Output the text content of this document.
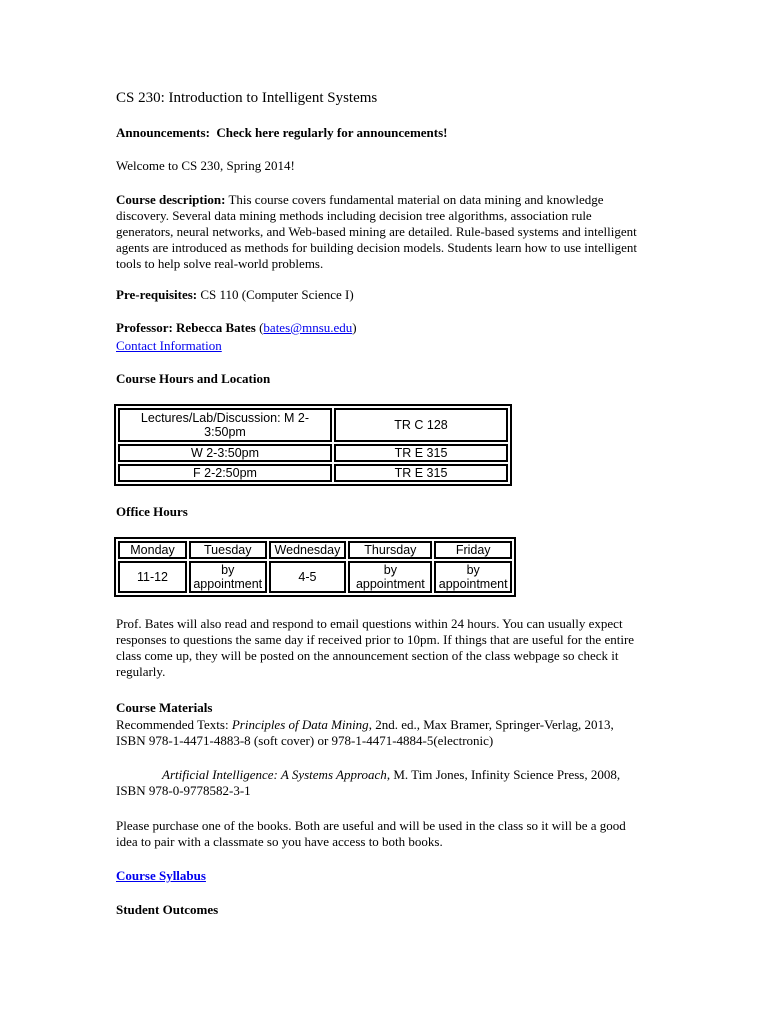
CS 230: Introduction to Intelligent Systems
Announcements: Check here regularly for announcements!
Welcome to CS 230, Spring 2014!
Course description: This course covers fundamental material on data mining and knowledge discovery. Several data mining methods including decision tree algorithms, association rule generators, neural networks, and Web-based mining are detailed. Rule-based systems and intelligent agents are introduced as methods for building decision models. Students learn how to use intelligent tools to help solve real-world problems.
Pre-requisites: CS 110 (Computer Science I)
Professor: Rebecca Bates (bates@mnsu.edu)
Contact Information
Course Hours and Location
Lectures/Lab/Discussion: M 2-3:50pm	TR C 128
W 2-3:50pm	TR E 315
F 2-2:50pm	TR E 315
Office Hours
Monday	Tuesday	Wednesday	Thursday	Friday
11-12	by appointment	4-5	by appointment	by appointment
Prof. Bates will also read and respond to email questions within 24 hours. You can usually expect responses to questions the same day if received prior to 10pm. If things that are useful for the entire class come up, they will be posted on the announcement section of the class webpage so check it regularly.
Course Materials
Recommended Texts: Principles of Data Mining, 2nd. ed., Max Bramer, Springer-Verlag, 2013, ISBN 978-1-4471-4883-8 (soft cover) or 978-1-4471-4884-5(electronic)
Artificial Intelligence: A Systems Approach, M. Tim Jones, Infinity Science Press, 2008, ISBN 978-0-9778582-3-1
Please purchase one of the books. Both are useful and will be used in the class so it will be a good idea to pair with a classmate so you have access to both books.
Course Syllabus
Student Outcomes
